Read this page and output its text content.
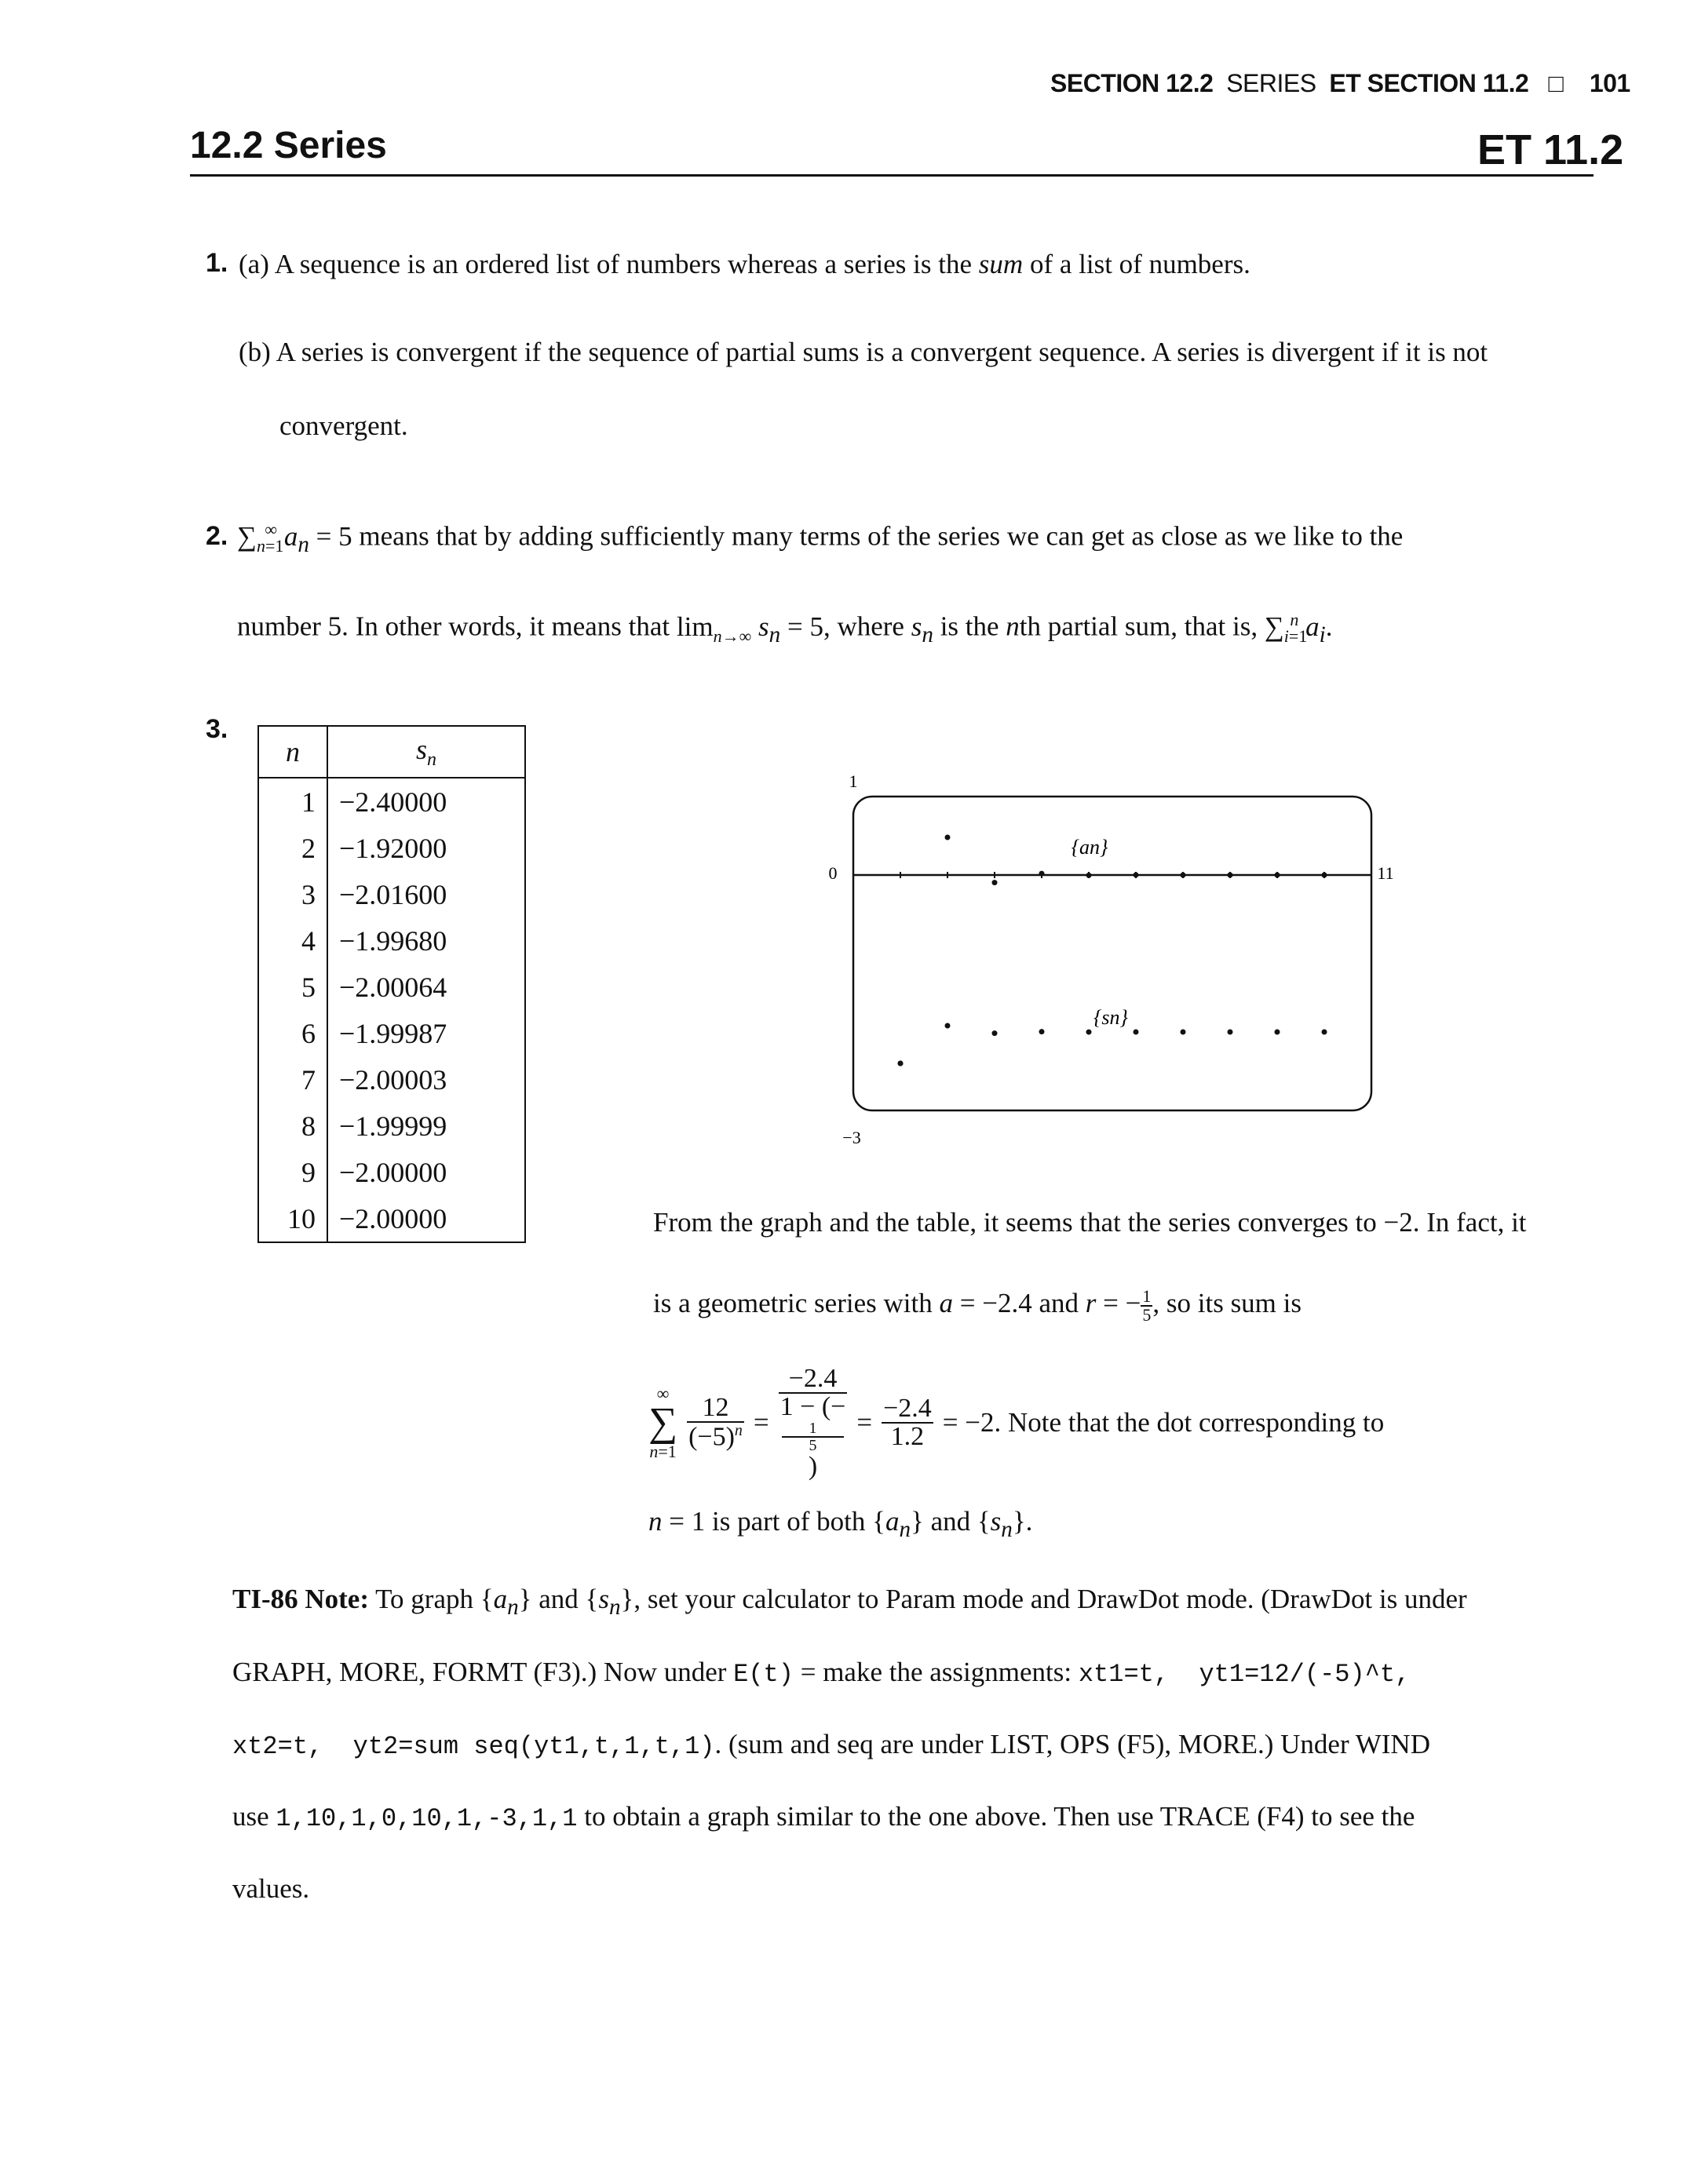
SECTION 12.2 SERIES ET SECTION 11.2 □ 101
12.2 Series	ET 11.2
1. (a) A sequence is an ordered list of numbers whereas a series is the sum of a list of numbers.
(b) A series is convergent if the sequence of partial sums is a convergent sequence. A series is divergent if it is not
convergent.
2. $\sum_{n=1}^\infty$ $a_n = 5$ means that by adding sufficiently many terms of the series we can get as close as we like to the
number 5. In other words, it means that $\lim_{n\to\infty} s_n = 5$, where $s_n$ is the nth partial sum, that is, $\sum_{i=1}^n$ $a_i$.
3.
n	$s_n$
1	−2.40000
2	−1.92000
3	−2.01600
4	−1.99680
5	−2.00064
6	−1.99987
7	−2.00003
8	−1.99999
9	−2.00000
10	−2.00000
1
0
−3
11
{an}
{sn}
From the graph and the table, it seems that the series converges to −2. In fact, it
is a geometric series with a = −2.4 and r = − $\frac{1}{5}$ , so its sum is
∞
∑
n=1
$\frac{12}{(-5)^n} = -2.4$
1 − (−
1
5
) = $\frac{-2.4}{1.2} = -2$. Note that the dot corresponding to
n = 1 is part of both $\{a_n\}$ and $\{s_n\}$.
TI-86 Note: To graph $\{a_n\}$ and $\{s_n\}$, set your calculator to Param mode and DrawDot mode. (DrawDot is under
GRAPH, MORE, FORMT (F3).) Now under E(t) = make the assignments: xt1=t,  yt1=12/(-5)^t,
xt2=t,  yt2=sum seq(yt1,t,1,t,1). (sum and seq are under LIST, OPS (F5), MORE.) Under WIND
use 1,10,1,0,10,1,-3,1,1 to obtain a graph similar to the one above. Then use TRACE (F4) to see the
values.
